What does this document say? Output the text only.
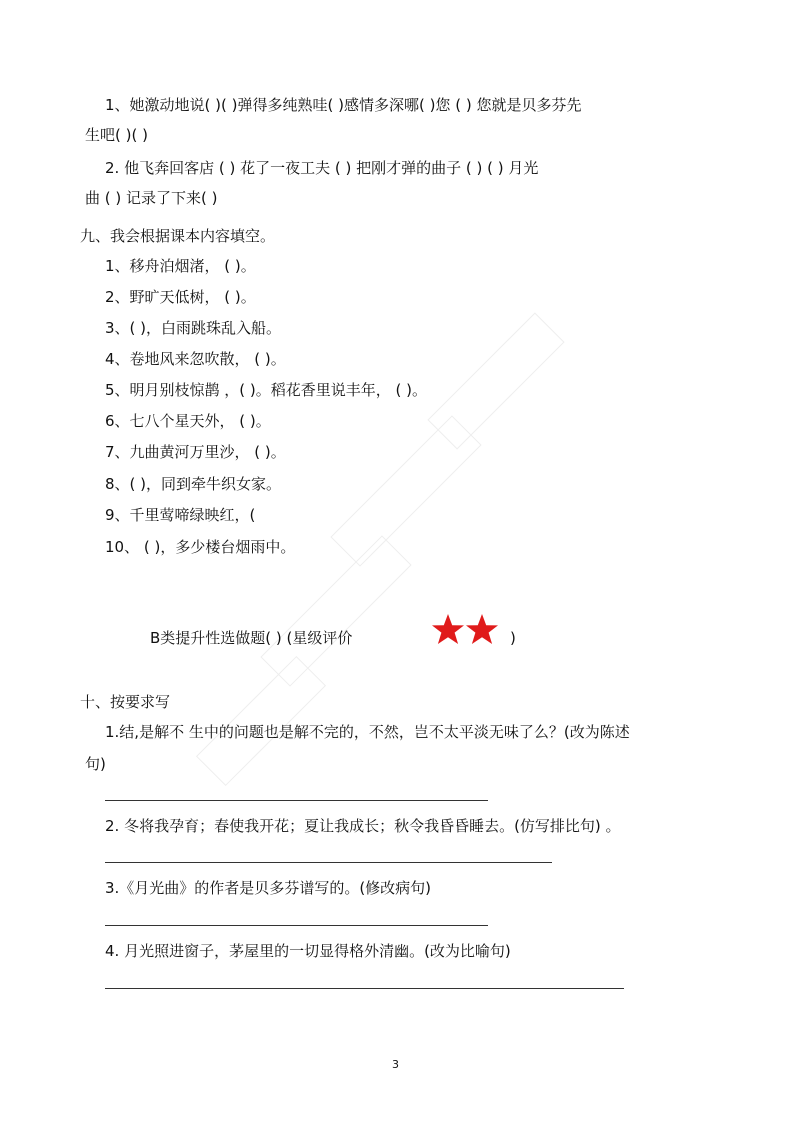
1、她激动地说( )( )弹得多纯熟哇( )感情多深哪( )您 ( ) 您就是贝多芬先
生吧( )( )
2. 他飞奔回客店 ( ) 花了一夜工夫 ( ) 把刚才弹的曲子 ( ) ( ) 月光
曲 ( ) 记录了下来( )
九、我会根据课本内容填空。
1、移舟泊烟渚， ( )。
2、野旷天低树， ( )。
3、( )，白雨跳珠乱入船。
4、卷地风来忽吹散， ( )。
5、明月别枝惊鹊 ，( )。稻花香里说丰年， ( )。
6、七八个星天外， ( )。
7、九曲黄河万里沙， ( )。
8、( )，同到牵牛织女家。
9、千里莺啼绿映红，(
10、 ( )，多少楼台烟雨中。
B类提升性选做题( ) (星级评价	)
十、按要求写
1.结,是解不 生中的问题也是解不完的，不然，岂不太平淡无味了么？(改为陈述
句)
2. 冬将我孕育；春使我开花；夏让我成长；秋令我昏昏睡去。(仿写排比句) 。
3.《月光曲》的作者是贝多芬谱写的。(修改病句)
4. 月光照进窗子，茅屋里的一切显得格外清幽。(改为比喻句)
3
